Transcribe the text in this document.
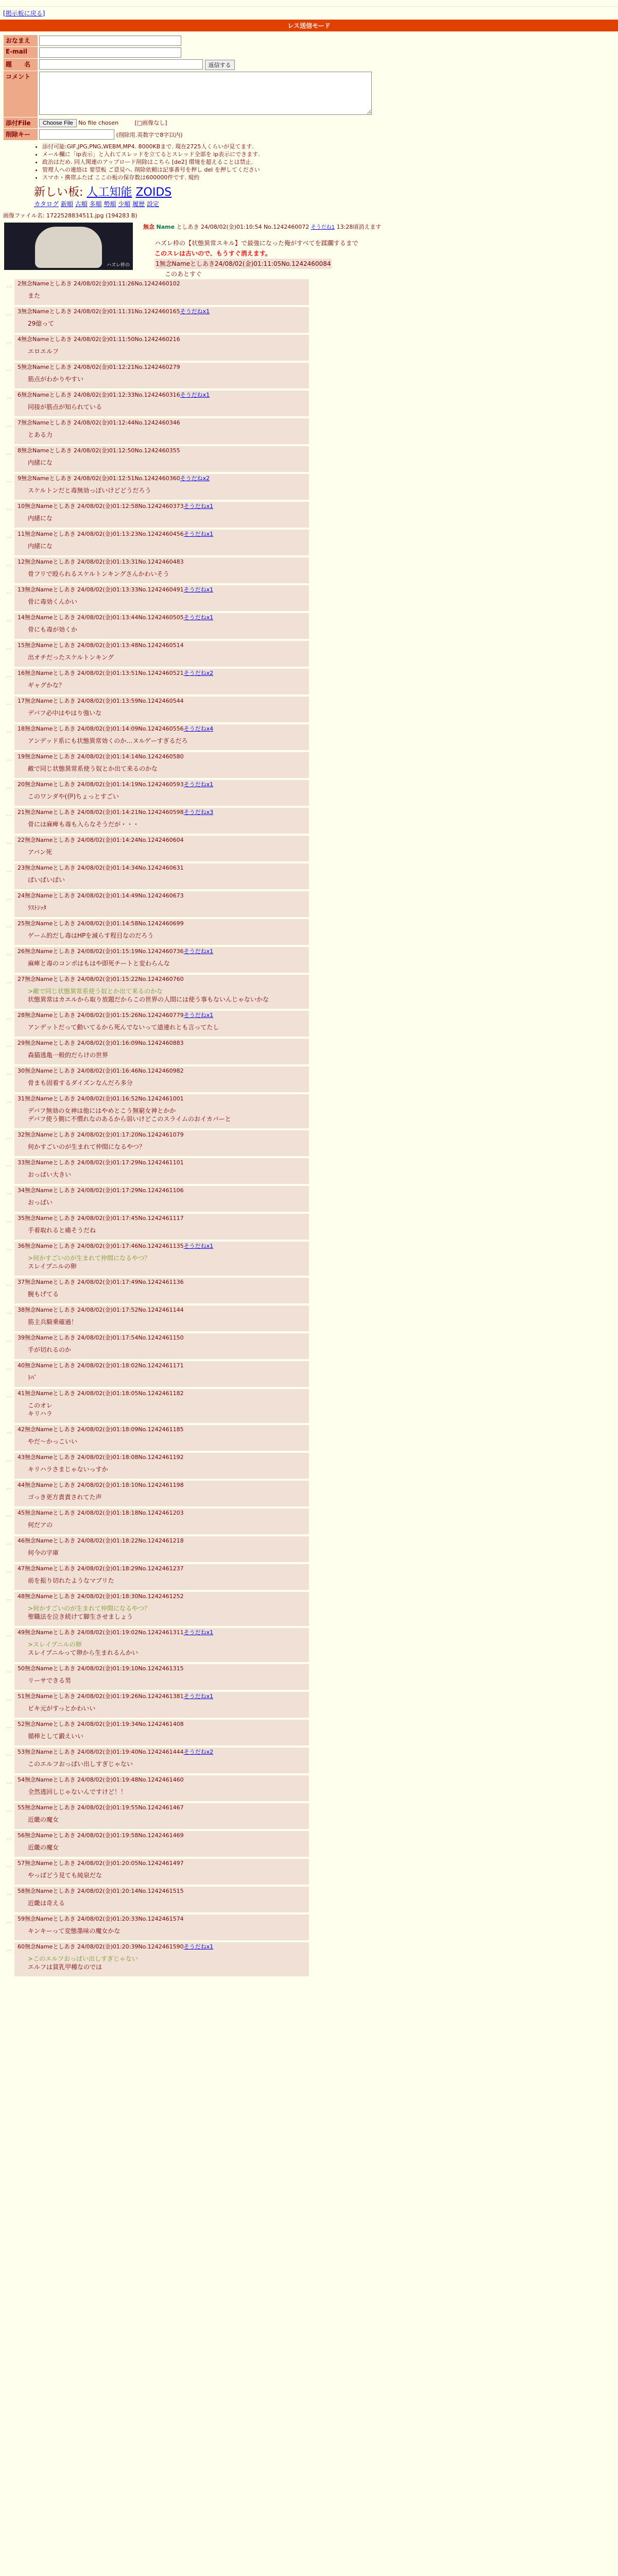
[掲示板に戻る]
レス送信モード
おなまえ	
E-mail	
題　　名	返信する
コメント	
添付File	Choose File No file chosen [□画像なし]
削除キー	(削除用.英数字で8字以内)
• 添付可能:GIF,JPG,PNG,WEBM,MP4. 8000KBまで. 現在2725人くらいが見てます.
• メール欄に「ip表示」と入れてスレッドを立てるとスレッド全部を ip表示にできます.
• 政治はだめ. 同人関連のアップロード削除はこちら [de2] 環境を超えることは禁止.
• 管理人への連絡は 要望板 ご意見へ. 削除依頼は記事番号を押し del を押してください
• スマホ・携帯ふたば ここの板の保存数は600000件です. 規約
新しい板: 人工知能 ZOIDS
カタログ 新順 古順 多順 勢順 少順 履歴 設定
画像ファイル名: 1722528834511.jpg (194283 B)
ハズレ枠の
無念 Name としあき 24/08/02(金)01:10:54 No.1242460072 そうだね1 13:28頃消えます
ハズレ枠の【状態異常スキル】で最強になった俺がすべてを蹂躙するまで
このスレは古いので、もうすぐ消えます。
1無念Nameとしあき24/08/02(金)01:11:05No.1242460084
このあとすぐ
… 2無念Nameとしあき 24/08/02(金)01:11:26No.1242460102
また
… 3無念Nameとしあき 24/08/02(金)01:11:31No.1242460165そうだねx1
29億って
… 4無念Nameとしあき 24/08/02(金)01:11:50No.1242460216
エロエルフ
… 5無念Nameとしあき 24/08/02(金)01:12:21No.1242460279
筋点がわかりやすい
… 6無念Nameとしあき 24/08/02(金)01:12:33No.1242460316そうだねx1
同接が筋点が知られている
… 7無念Nameとしあき 24/08/02(金)01:12:44No.1242460346
とある力
… 8無念Nameとしあき 24/08/02(金)01:12:50No.1242460355
内緒にな
… 9無念Nameとしあき 24/08/02(金)01:12:51No.1242460360そうだねx2
スケルトンだと毒無効っぽいけどどうだろう
… 10無念Nameとしあき 24/08/02(金)01:12:58No.1242460373そうだねx1
内緒にな
… 11無念Nameとしあき 24/08/02(金)01:13:23No.1242460456そうだねx1
内緒にな
… 12無念Nameとしあき 24/08/02(金)01:13:31No.1242460483
骨フリで殴られるスケルトンキングさんかわいそう
… 13無念Nameとしあき 24/08/02(金)01:13:33No.1242460491そうだねx1
骨に毒効くんかい
… 14無念Nameとしあき 24/08/02(金)01:13:44No.1242460505そうだねx1
骨にも毒が効くか
… 15無念Nameとしあき 24/08/02(金)01:13:48No.1242460514
出オチだったスケルトンキング
… 16無念Nameとしあき 24/08/02(金)01:13:51No.1242460521そうだねx2
ギャグかな？
… 17無念Nameとしあき 24/08/02(金)01:13:59No.1242460544
デバフ必中はやはり強いな
… 18無念Nameとしあき 24/08/02(金)01:14:09No.1242460556そうだねx4
アンデッド系にも状態異常効くのか…ヌルゲーすぎるだろ
… 19無念Nameとしあき 24/08/02(金)01:14:14No.1242460580
敵で同じ状態異常系使う奴とか出て来るのかな
… 20無念Nameとしあき 24/08/02(金)01:14:19No.1242460593そうだねx1
このワンダや(伊)ちょっとすごい
… 21無念Nameとしあき 24/08/02(金)01:14:21No.1242460598そうだねx3
骨には麻痺も毒も入らなそうだが・・・
… 22無念Nameとしあき 24/08/02(金)01:14:24No.1242460604
アバン死
… 23無念Nameとしあき 24/08/02(金)01:14:34No.1242460631
ぱいぱいぱい
… 24無念Nameとしあき 24/08/02(金)01:14:49No.1242460673
ﾗｽﾄｼｯﾀ
… 25無念Nameとしあき 24/08/02(金)01:14:58No.1242460699
ゲーム的だし毒はHPを減らす程目なのだろう
… 26無念Nameとしあき 24/08/02(金)01:15:19No.1242460736そうだねx1
麻痺と毒のコンボはもはや即死チートと変わらんな
… 27無念Nameとしあき 24/08/02(金)01:15:22No.1242460760
>敵で同じ状態異常系使う奴とか出て来るのかな
状態異常はカエルから取り放題だからこの世界の人間には使う事もないんじゃないかな
… 28無念Nameとしあき 24/08/02(金)01:15:26No.1242460779そうだねx1
アンデットだって動いてるから死んでないって道連れとも言ってたし
… 29無念Nameとしあき 24/08/02(金)01:16:09No.1242460883
森猫逃亀一般的だらけの世界
… 30無念Nameとしあき 24/08/02(金)01:16:46No.1242460982
骨まも固着するダイズンなんだろ多分
… 31無念Nameとしあき 24/08/02(金)01:16:52No.1242461001
デバフ無効の女神は他にはやめとこう無窮女神とかか
デバフ使う側に不慣れなのあるから弱いけどこのスライムのおイカパーと
… 32無念Nameとしあき 24/08/02(金)01:17:20No.1242461079
何かすごいのが生まれて仲間になるやつ？
… 33無念Nameとしあき 24/08/02(金)01:17:29No.1242461101
おっぱい大きい
… 34無念Nameとしあき 24/08/02(金)01:17:29No.1242461106
おっぱい
… 35無念Nameとしあき 24/08/02(金)01:17:45No.1242461117
手着取れると痛そうだね
… 36無念Nameとしあき 24/08/02(金)01:17:46No.1242461135そうだねx1
>何かすごいのが生まれて仲間になるやつ？
スレイプニルの卵
… 37無念Nameとしあき 24/08/02(金)01:17:49No.1242461136
腕もげてる
… 38無念Nameとしあき 24/08/02(金)01:17:52No.1242461144
筋主兵騎乗確過！
… 39無念Nameとしあき 24/08/02(金)01:17:54No.1242461150
手が切れるのか
… 40無念Nameとしあき 24/08/02(金)01:18:02No.1242461171
ﾄﾊﾞ
… 41無念Nameとしあき 24/08/02(金)01:18:05No.1242461182
このオレ
キリハラ
… 42無念Nameとしあき 24/08/02(金)01:18:09No.1242461185
やだ～かっこいい
… 43無念Nameとしあき 24/08/02(金)01:18:08No.1242461192
キリハラさまじゃないっすか
… 44無念Nameとしあき 24/08/02(金)01:18:10No.1242461198
ゴっき更方責責されてた声
… 45無念Nameとしあき 24/08/02(金)01:18:18No.1242461203
何だアの
… 46無念Nameとしあき 24/08/02(金)01:18:22No.1242461218
何今の字庫
… 47無念Nameとしあき 24/08/02(金)01:18:29No.1242461237
前を振り切れたようなマブリた
… 48無念Nameとしあき 24/08/02(金)01:18:30No.1242461252
>何かすごいのが生まれて仲間になるやつ？
聖職法を泣き続けて脚生させましょう
… 49無念Nameとしあき 24/08/02(金)01:19:02No.1242461311そうだねx1
>スレイプニルの卵
スレイプニルって卵から生まれるんかい
… 50無念Nameとしあき 24/08/02(金)01:19:10No.1242461315
リーサできる男
… 51無念Nameとしあき 24/08/02(金)01:19:26No.1242461381そうだねx1
ビキ元がすっとかわいい
… 52無念Nameとしあき 24/08/02(金)01:19:34No.1242461408
循棒として鍛えいい
… 53無念Nameとしあき 24/08/02(金)01:19:40No.1242461444そうだねx2
このエルフおっぱい出しすぎじゃない
… 54無念Nameとしあき 24/08/02(金)01:19:48No.1242461460
全然逃回しじゃないんですけど！！
… 55無念Nameとしあき 24/08/02(金)01:19:55No.1242461467
近畿の魔女
… 56無念Nameとしあき 24/08/02(金)01:19:58No.1242461469
近畿の魔女
… 57無念Nameとしあき 24/08/02(金)01:20:05No.1242461497
やっぱどう見ても純泉だな
… 58無念Nameとしあき 24/08/02(金)01:20:14No.1242461515
近畿は奇える
… 59無念Nameとしあき 24/08/02(金)01:20:33No.1242461574
キンキーって変態墨味の魔女かな
… 60無念Nameとしあき 24/08/02(金)01:20:39No.1242461590そうだねx1
>このエルフおっぱい出しすぎじゃない
エルフは貧乳甲種なのでは
